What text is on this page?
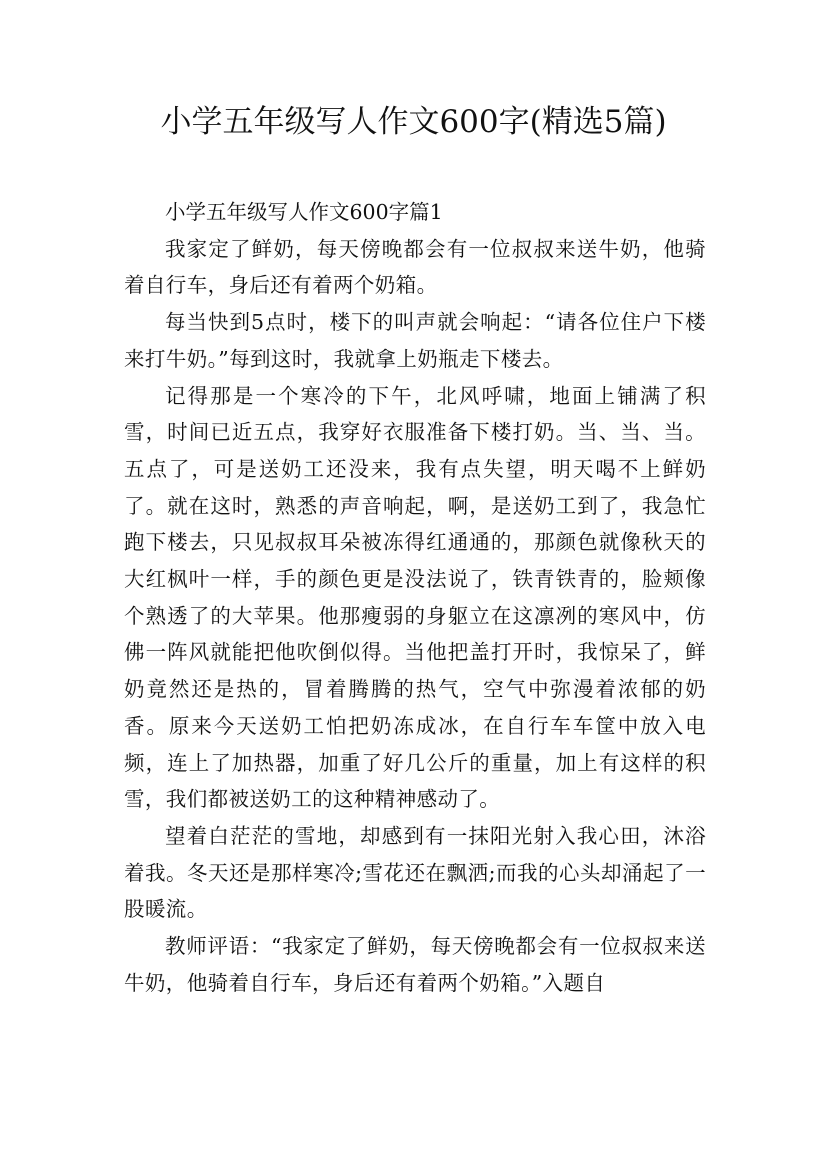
小学五年级写人作文600字(精选5篇)
小学五年级写人作文600字篇1

我家定了鲜奶，每天傍晚都会有一位叔叔来送牛奶，他骑着自行车，身后还有着两个奶箱。

每当快到5点时，楼下的叫声就会响起：“请各位住户下楼来打牛奶。”每到这时，我就拿上奶瓶走下楼去。

记得那是一个寒冷的下午，北风呼啸，地面上铺满了积雪，时间已近五点，我穿好衣服准备下楼打奶。当、当、当。五点了，可是送奶工还没来，我有点失望，明天喝不上鲜奶了。就在这时，熟悉的声音响起，啊，是送奶工到了，我急忙跑下楼去，只见叔叔耳朵被冻得红通通的，那颜色就像秋天的大红枫叶一样，手的颜色更是没法说了，铁青铁青的，脸颊像个熟透了的大苹果。他那瘦弱的身躯立在这凛冽的寒风中，仿佛一阵风就能把他吹倒似得。当他把盖打开时，我惊呆了，鲜奶竟然还是热的，冒着腾腾的热气，空气中弥漫着浓郁的奶香。原来今天送奶工怕把奶冻成冰，在自行车车筐中放入电频，连上了加热器，加重了好几公斤的重量，加上有这样的积雪，我们都被送奶工的这种精神感动了。

望着白茫茫的雪地，却感到有一抹阳光射入我心田，沐浴着我。冬天还是那样寒冷;雪花还在飘洒;而我的心头却涌起了一股暖流。

教师评语：“我家定了鲜奶，每天傍晚都会有一位叔叔来送牛奶，他骑着自行车，身后还有着两个奶箱。”入题自
